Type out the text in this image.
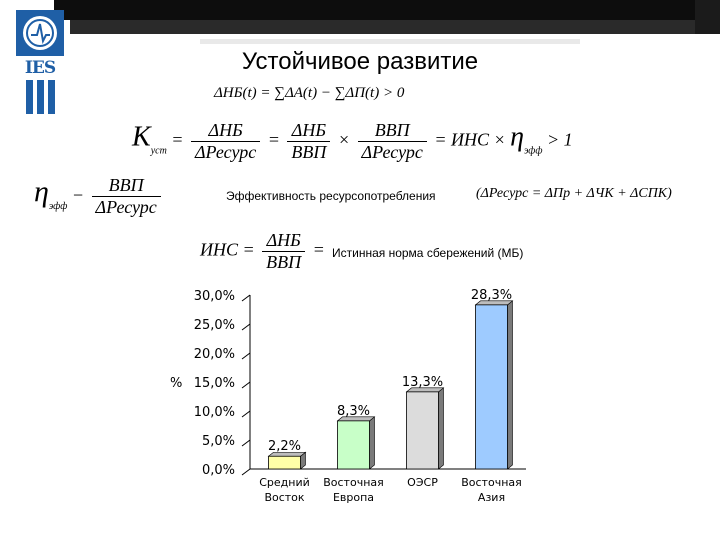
IES	Устойчивое развитие
ΔНБ(t) = ∑ΔА(t) − ∑ΔП(t) > 0
$K_{уст} = \frac{\text{ΔНБ}}{\text{ΔРесурс}} = \frac{\text{ΔНБ}}{\text{ВВП}} \times \frac{\text{ВВП}}{\text{ΔРесурс}}$ = ИНС × $\eta_{эфф} > 1$
$\eta_{эфф} - \frac{\text{ВВП}}{\text{ΔРесурс}}$	Эффективность ресурсопотребления	(ΔРесурс = ΔПр + ΔЧК + ΔСПК)
ИНС = $\frac{\text{ΔНБ}}{\text{ВВП}}$ = Истинная норма сбережений (МБ)
0,0%
5,0%
10,0%
15,0%
20,0%
25,0%
30,0%
2,2%
8,3%
13,3%
28,3%
Средний
Восток
Восточная
Европа
ОЭСР Восточная
Азия
%
